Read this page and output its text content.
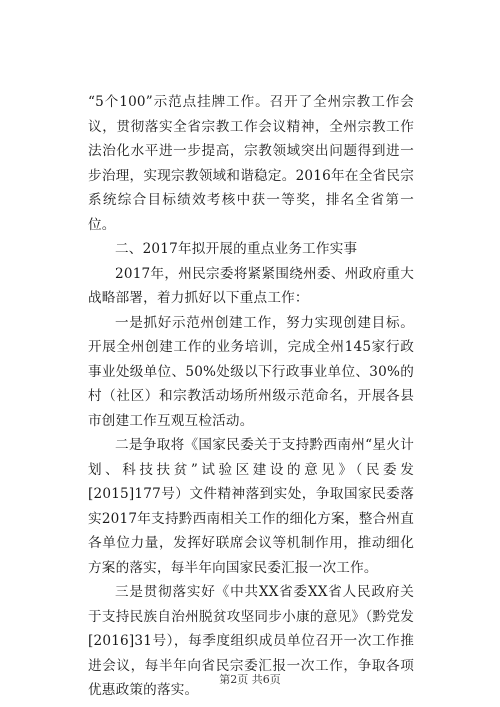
“5个100”示范点挂牌工作。召开了全州宗教工作会议，贯彻落实全省宗教工作会议精神，全州宗教工作法治化水平进一步提高，宗教领域突出问题得到进一步治理，实现宗教领域和谐稳定。2016年在全省民宗系统综合目标绩效考核中获一等奖，排名全省第一位。

二、2017年拟开展的重点业务工作实事

2017年，州民宗委将紧紧围绕州委、州政府重大战略部署，着力抓好以下重点工作：

一是抓好示范州创建工作，努力实现创建目标。开展全州创建工作的业务培训，完成全州145家行政事业处级单位、50%处级以下行政事业单位、30%的村（社区）和宗教活动场所州级示范命名，开展各县市创建工作互观互检活动。

二是争取将《国家民委关于支持黔西南州“星火计划、科技扶贫”试验区建设的意见》（民委发[2015]177号）文件精神落到实处，争取国家民委落实2017年支持黔西南相关工作的细化方案，整合州直各单位力量，发挥好联席会议等机制作用，推动细化方案的落实，每半年向国家民委汇报一次工作。

三是贯彻落实好《中共XX省委XX省人民政府关于支持民族自治州脱贫攻坚同步小康的意见》（黔党发[2016]31号），每季度组织成员单位召开一次工作推进会议，每半年向省民宗委汇报一次工作，争取各项优惠政策的落实。

第2页 共6页
